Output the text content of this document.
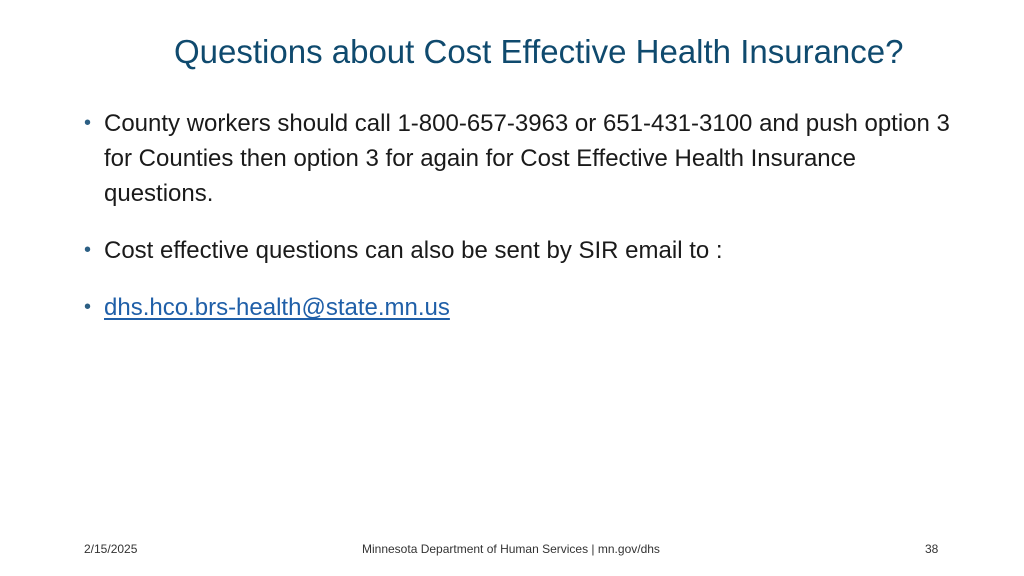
Questions about Cost Effective Health Insurance?
• County workers should call 1-800-657-3963 or 651-431-3100 and push option 3 for Counties then option 3 for again for Cost Effective Health Insurance questions.
• Cost effective questions can also be sent by SIR email to :
• dhs.hco.brs-health@state.mn.us
2/15/2025	Minnesota Department of Human Services | mn.gov/dhs	38
